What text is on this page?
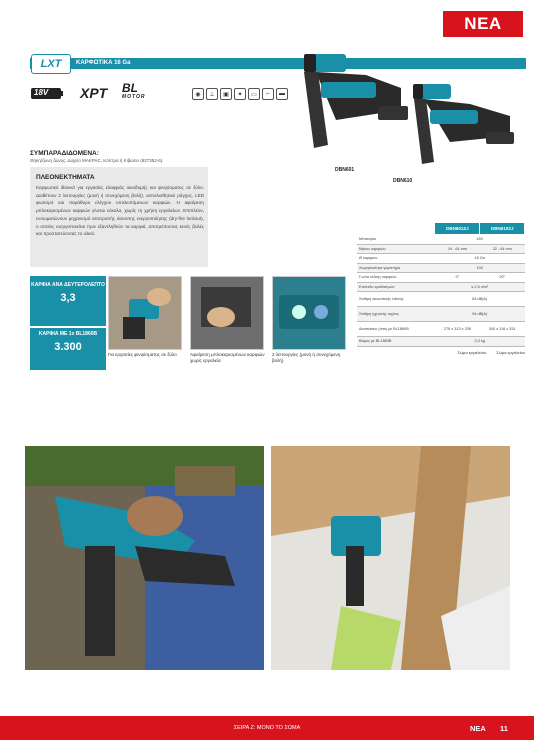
ΝΕΑ
LXT	ΚΑΡΦΩΤΙΚΑ 16 Ga
18V XPT BL
MOTOR	◉	⊥	▣	✦	▭	⌐	▬
DBN601
DBN610
ΣΥΜΠΑΡΑΔΙΔΟΜΕΝΑ:
Θήκη/ζώνη ζώνης, Δοχείο MAKPAC, Κόπτρα ή Κιβώτιο (827352-6).
ΠΛΕΟΝΕΚΤΗΜΑΤΑ
Καρφωτικό ιδανικό για εργασίες ελαφριάς οικοδομής και φινιρίσματος σε ξύλο. Διαθέτουν 2 λειτουργίες (μονή ή συνεχόμενη βολή), αντιολισθητικό ράγχος, LED φωτισμό και παράθυρο ελέγχου υπολειπόμενων καρφιών. Η αφαίρεση μπλοκαρισμένων καρφιών γίνεται εύκολα, χωρίς τη χρήση εργαλείων. Επιπλέον, ενσωματώνουν μηχανισμό αποτροπής άσκοπης ενεργοποίησης (dry-fire lockout), ο οποίος ενεργοποιείται πριν εξαντληθούν τα καρφιά, αποτρέποντας κενές βολές και προστατεύοντας το υλικό.
ΚΑΡΦΙΑ ΑΝΑ ΔΕΥΤΕΡΟΛΕΠΤΟ
3,3
ΚΑΡΦΙΑ ΜΕ 1x BL1860B
3.300
Για εργασίες φινιρίσματος σε ξύλο	Αφαίρεση μπλοκαρισμένων καρφιών χωρίς εργαλεία
2 λειτουργίες (μονή ή συνεχόμενη βολή)
	DBN601ZJ	DBN610ZJ
Μπαταρία	18V	
Μήκος καρφιών	19 - 64 mm	32 - 64 mm
Ø καρφιών	16 Ga	
Χωρητικότητα γεμιστήρα	100	
Γωνία κλίσης καρφιών	0°	20°
Επίπεδο κραδασμών	≤ 2,5 m/s²	
Στάθμη ακουστικής πίεσης	83 dB(A)	
Στάθμη ηχητικής ισχύος	94 dB(A)	
Διαστάσεις (mm) με BL1860B	276 x 313 x 339	300 x 116 x 331
Βάρος με BL1860B	3,3 kg	
Σώμα εργαλείου	Σώμα εργαλείου
ΣΕΙΡΑ Z: ΜΟΝΟ ΤΟ ΣΩΜΑ	ΝΕΑ 11
